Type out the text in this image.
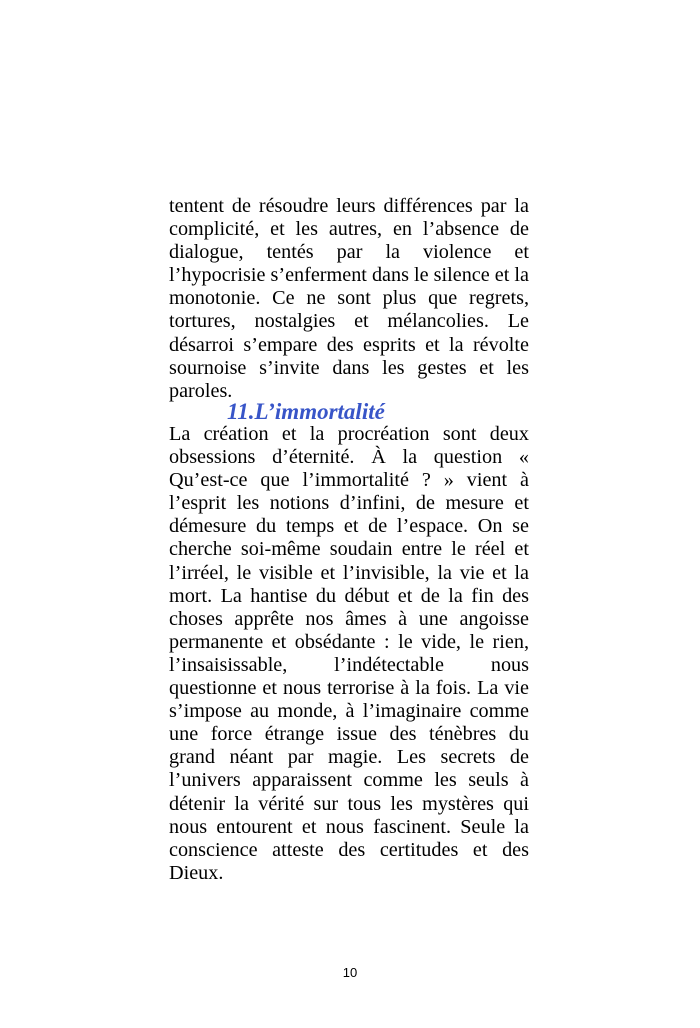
tentent de résoudre leurs différences par la complicité, et les autres, en l’absence de dialogue, tentés par la violence et l’hypocrisie s’enferment dans le silence et la monotonie. Ce ne sont plus que regrets, tortures, nostalgies et mélancolies. Le désarroi s’empare des esprits et la révolte sournoise s’invite dans les gestes et les paroles.

11.L’immortalité

La création et la procréation sont deux obsessions d’éternité. À la question « Qu’est-ce que l’immortalité ? » vient à l’esprit les notions d’infini, de mesure et démesure du temps et de l’espace. On se cherche soi-même soudain entre le réel et l’irréel, le visible et l’invisible, la vie et la mort. La hantise du début et de la fin des choses apprête nos âmes à une angoisse permanente et obsédante : le vide, le rien, l’insaisissable, l’indétectable nous questionne et nous terrorise à la fois. La vie s’impose au monde, à l’imaginaire comme une force étrange issue des ténèbres du grand néant par magie. Les secrets de l’univers apparaissent comme les seuls à détenir la vérité sur tous les mystères qui nous entourent et nous fascinent. Seule la conscience atteste des certitudes et des Dieux.

10
